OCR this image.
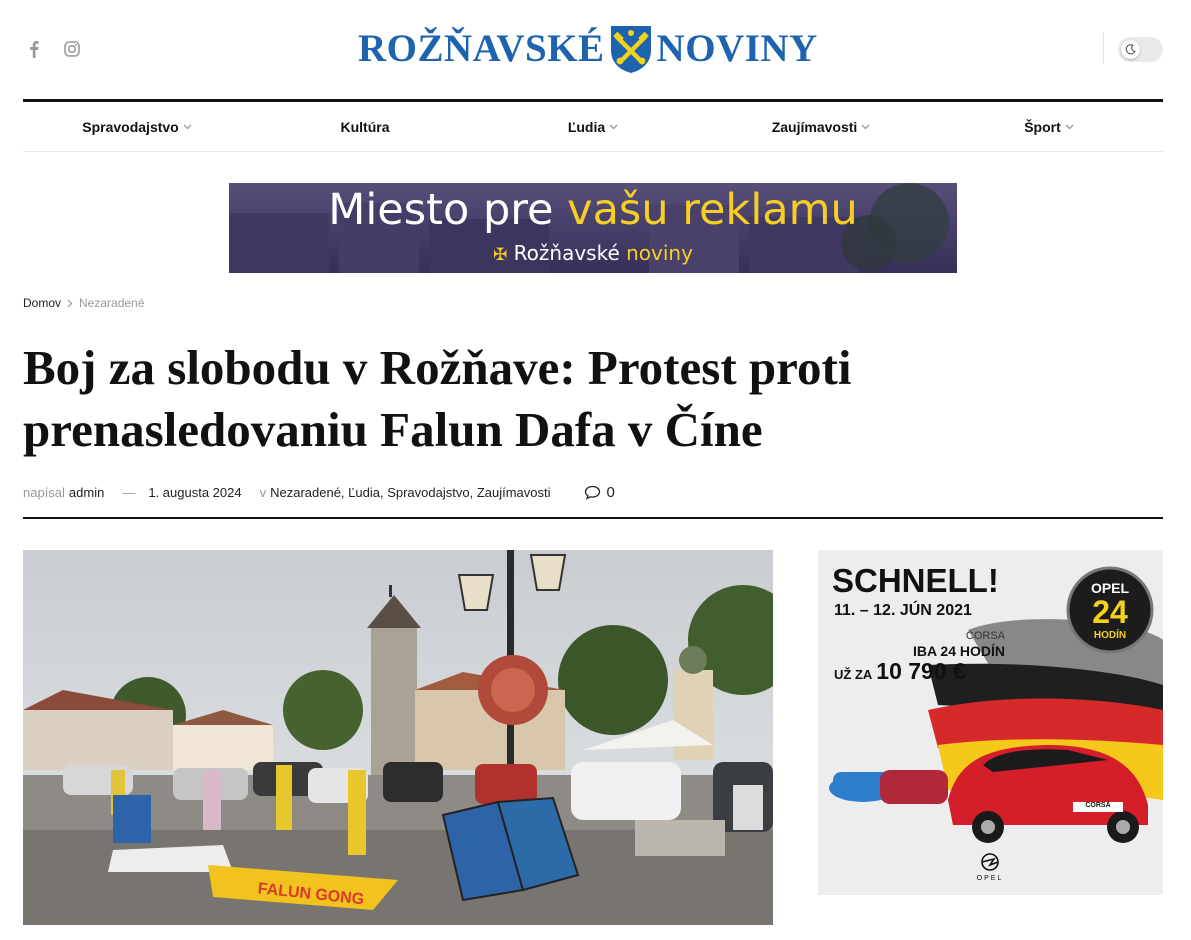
ROŽŇAVSKÉ NOVINY
Spravodajstvo	Kultúra	Ľudia	Zaujímavosti	Šport
Miesto pre vašu reklamu
✠ Rožňavské noviny
Domov Nezaradené
Boj za slobodu v Rožňave: Protest proti prenasledovaniu Falun Dafa v Číne
napísal admin — 1. augusta 2024 v Nezaradené , Ľudia , Spravodajstvo , Zaujímavosti	0
FALUN GONG
SCHNELL!
11. – 12. JÚN 2021
CORSA
IBA 24 HODÍN
UŽ ZA 10 790 €
OPEL
24
HODÍN
CORSA
OPEL
